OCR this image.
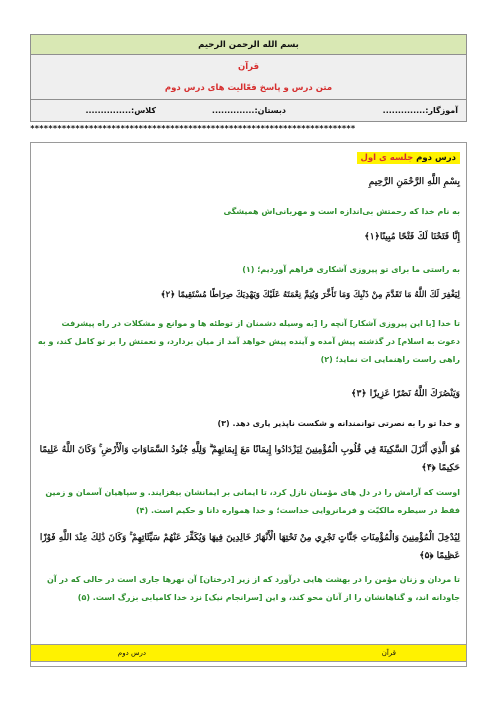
بسم الله الرحمن الرحیم
قرآن
متن درس و پاسخ فعّالیت های درس دوم
آموزگار:..............
دبستان:..............
کلاس:...............
************************************************************************
درس دوم جلسه ی اول
بِسْمِ اللَّهِ الرَّحْمَنِ الرَّحِیمِ
به نام خدا که رحمتش بی‌اندازه است و مهربانی‌اش همیشگی
إِنَّا فَتَحْنَا لَكَ فَتْحًا مُبِينًا﴿۱﴾
به راستی ما برای تو پیروزی آشکاری فراهم آوردیم؛ (۱)
لِيَغْفِرَ لَكَ اللَّهُ مَا تَقَدَّمَ مِنْ ذَنْبِكَ وَمَا تَأَخَّرَ وَيُتِمَّ نِعْمَتَهُ عَلَيْكَ وَيَهْدِيَكَ صِرَاطًا مُسْتَقِيمًا ﴿۲﴾
تا خدا [با این پیروزی آشکار] آنچه را [به وسیله دشمنان از توطئه ها و موانع و مشکلات در راه پیشرفت دعوت به اسلام] در گذشته پیش آمده و آینده پیش خواهد آمد از میان بردارد، و نعمتش را بر تو کامل کند، و به راهی راست راهنمایی ات نماید؛ (۲)
وَيَنْصُرَكَ اللَّهُ نَصْرًا عَزِيزًا ﴿۳﴾
و خدا تو را به نصرتی توانمندانه و شکست ناپذیر یاری دهد. (۳)
هُوَ الَّذِي أَنْزَلَ السَّكِينَةَ فِي قُلُوبِ الْمُؤْمِنِينَ لِيَزْدَادُوا إِيمَانًا مَعَ إِيمَانِهِمْ ۗ وَلِلَّهِ جُنُودُ السَّمَاوَاتِ وَالْأَرْضِ ۚ وَكَانَ اللَّهُ عَلِيمًا حَكِيمًا ﴿۴﴾
اوست که آرامش را در دل های مؤمنان نازل کرد، تا ایمانی بر ایمانشان بیفزایند. و سپاهیان آسمان و زمین فقط در سیطره مالکیّت و فرمانروایی خداست؛ و خدا همواره دانا و حکیم است. (۴)
لِيُدْخِلَ الْمُؤْمِنِينَ وَالْمُؤْمِنَاتِ جَنَّاتٍ تَجْرِي مِنْ تَحْتِهَا الْأَنْهَارُ خَالِدِينَ فِيهَا وَيُكَفِّرَ عَنْهُمْ سَيِّئَاتِهِمْ ۚ وَكَانَ ذَٰلِكَ عِنْدَ اللَّهِ فَوْزًا عَظِيمًا ﴿۵﴾
تا مردان و زنان مؤمن را در بهشت هایی درآورد که از زیر [درختان] آن نهرها جاری است در حالی که در آن جاودانه اند، و گناهانشان را از آنان محو کند، و این [سرانجام نیک] نزد خدا کامیابی بزرگ است. (۵)
قرآن
درس دوم
